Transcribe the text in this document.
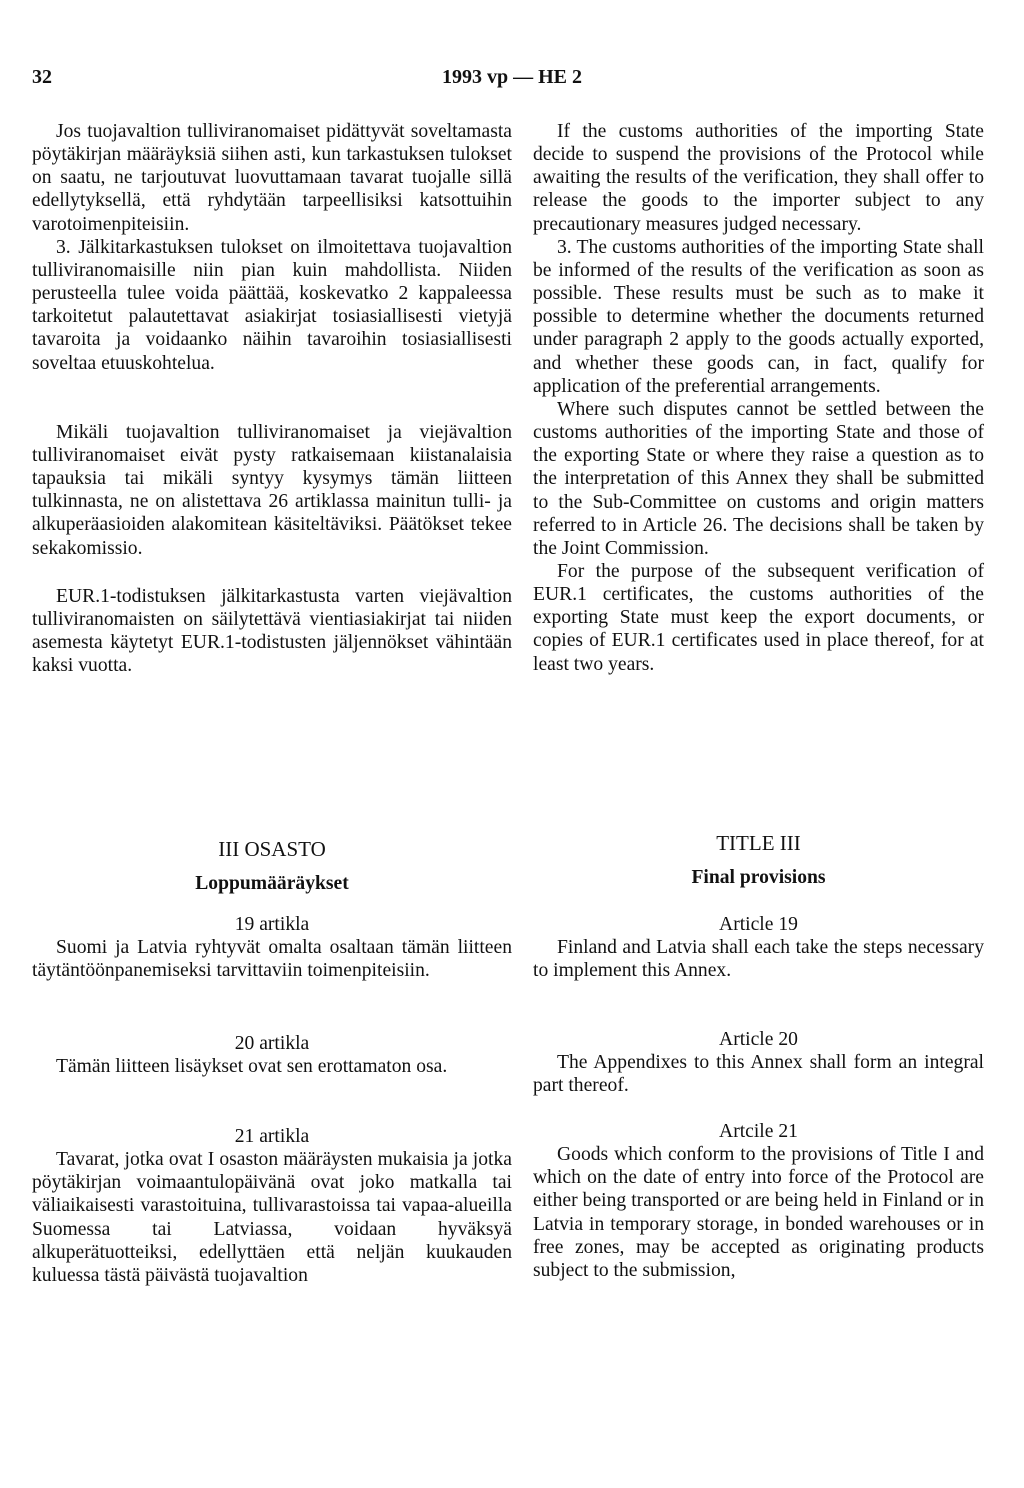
32	1993 vp — HE 2

Jos tuojavaltion tulliviranomaiset pidättyvät soveltamasta pöytäkirjan määräyksiä siihen asti, kun tarkastuksen tulokset on saatu, ne tarjoutuvat luovuttamaan tavarat tuojalle sillä edellytyksellä, että ryhdytään tarpeellisiksi katsottuihin varotoimenpiteisiin.

3. Jälkitarkastuksen tulokset on ilmoitettava tuojavaltion tulliviranomaisille niin pian kuin mahdollista. Niiden perusteella tulee voida päättää, koskevatko 2 kappaleessa tarkoitetut palautettavat asiakirjat tosiasiallisesti vietyjä tavaroita ja voidaanko näihin tavaroihin tosiasiallisesti soveltaa etuuskohtelua.

Mikäli tuojavaltion tulliviranomaiset ja viejävaltion tulliviranomaiset eivät pysty ratkaisemaan kiistanalaisia tapauksia tai mikäli syntyy kysymys tämän liitteen tulkinnasta, ne on alistettava 26 artiklassa mainitun tulli- ja alkuperäasioiden alakomitean käsiteltäviksi. Päätökset tekee sekakomissio.

EUR.1-todistuksen jälkitarkastusta varten viejävaltion tulliviranomaisten on säilytettävä vientiasiakirjat tai niiden asemesta käytetyt EUR.1-todistusten jäljennökset vähintään kaksi vuotta.

If the customs authorities of the importing State decide to suspend the provisions of the Protocol while awaiting the results of the verification, they shall offer to release the goods to the importer subject to any precautionary measures judged necessary.

3. The customs authorities of the importing State shall be informed of the results of the verification as soon as possible. These results must be such as to make it possible to determine whether the documents returned under paragraph 2 apply to the goods actually exported, and whether these goods can, in fact, qualify for application of the preferential arrangements.

Where such disputes cannot be settled between the customs authorities of the importing State and those of the exporting State or where they raise a question as to the interpretation of this Annex they shall be submitted to the Sub-Committee on customs and origin matters referred to in Article 26. The decisions shall be taken by the Joint Commission.

For the purpose of the subsequent verification of EUR.1 certificates, the customs authorities of the exporting State must keep the export documents, or copies of EUR.1 certificates used in place thereof, for at least two years.

III OSASTO
Loppumääräykset
TITLE III
Final provisions
19 artikla

Suomi ja Latvia ryhtyvät omalta osaltaan tämän liitteen täytäntöönpanemiseksi tarvittaviin toimenpiteisiin.

20 artikla

Tämän liitteen lisäykset ovat sen erottamaton osa.

21 artikla

Tavarat, jotka ovat I osaston määräysten mukaisia ja jotka pöytäkirjan voimaantulopäivänä ovat joko matkalla tai väliaikaisesti varastoituina, tullivarastoissa tai vapaa-alueilla Suomessa tai Latviassa, voidaan hyväksyä alkuperätuotteiksi, edellyttäen että neljän kuukauden kuluessa tästä päivästä tuojavaltion

Article 19

Finland and Latvia shall each take the steps necessary to implement this Annex.

Article 20

The Appendixes to this Annex shall form an integral part thereof.

Artcile 21

Goods which conform to the provisions of Title I and which on the date of entry into force of the Protocol are either being transported or are being held in Finland or in Latvia in temporary storage, in bonded warehouses or in free zones, may be accepted as originating products subject to the submission,
